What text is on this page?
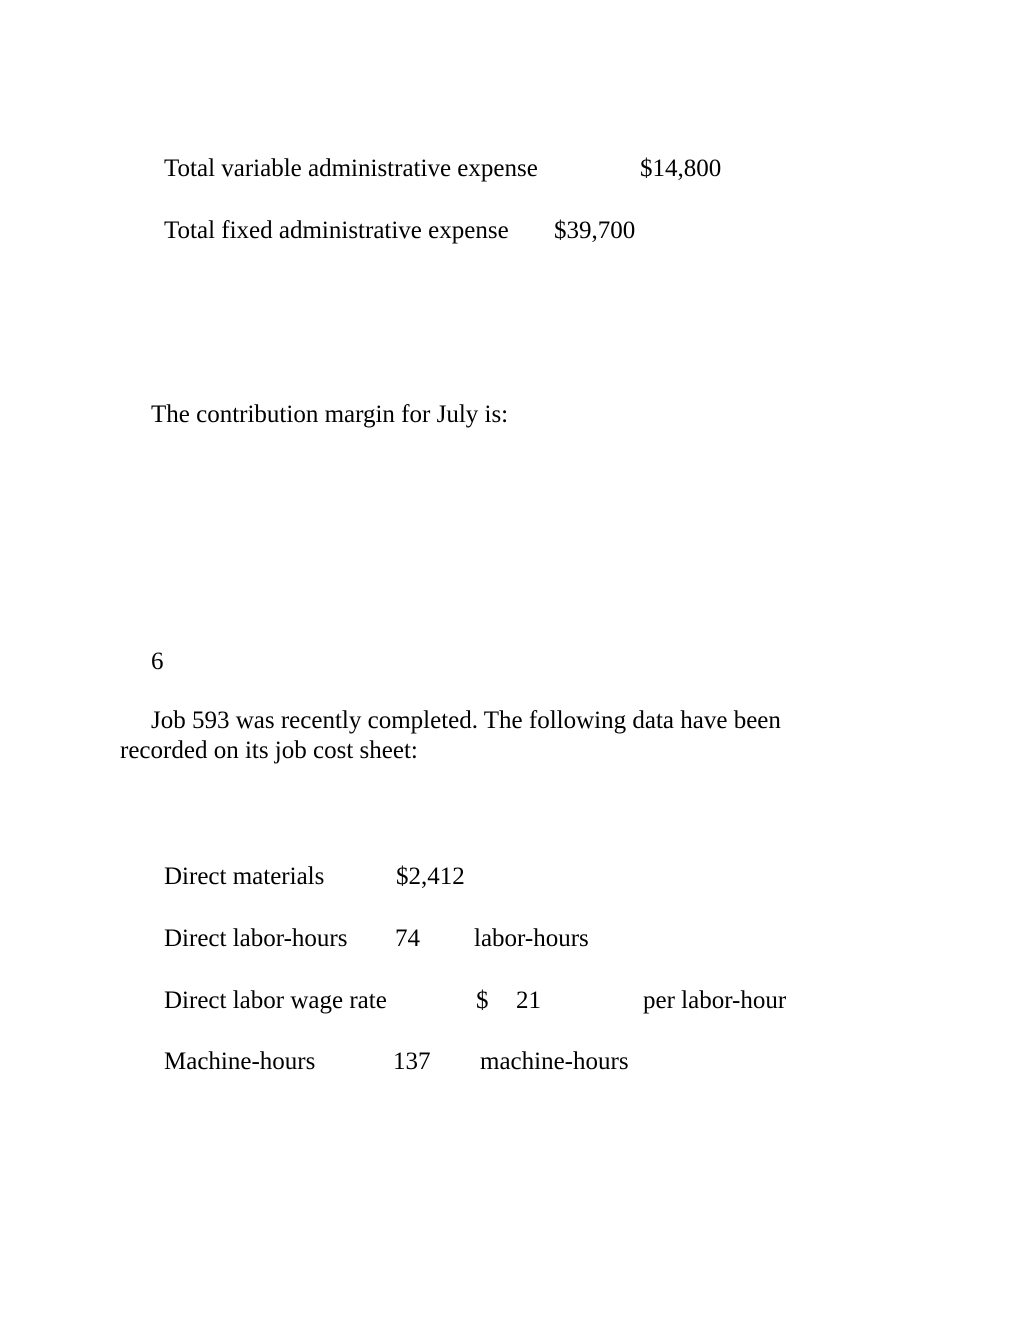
Total variable administrative expense	$14,800
Total fixed administrative expense $39,700
The contribution margin for July is:
6
Job 593 was recently completed. The following data have been recorded on its job cost sheet:
Direct materials	$2,412
Direct labor-hours 74 labor-hours
Direct labor wage rate	$ 21	per labor-hour
Machine-hours	137 machine-hours
